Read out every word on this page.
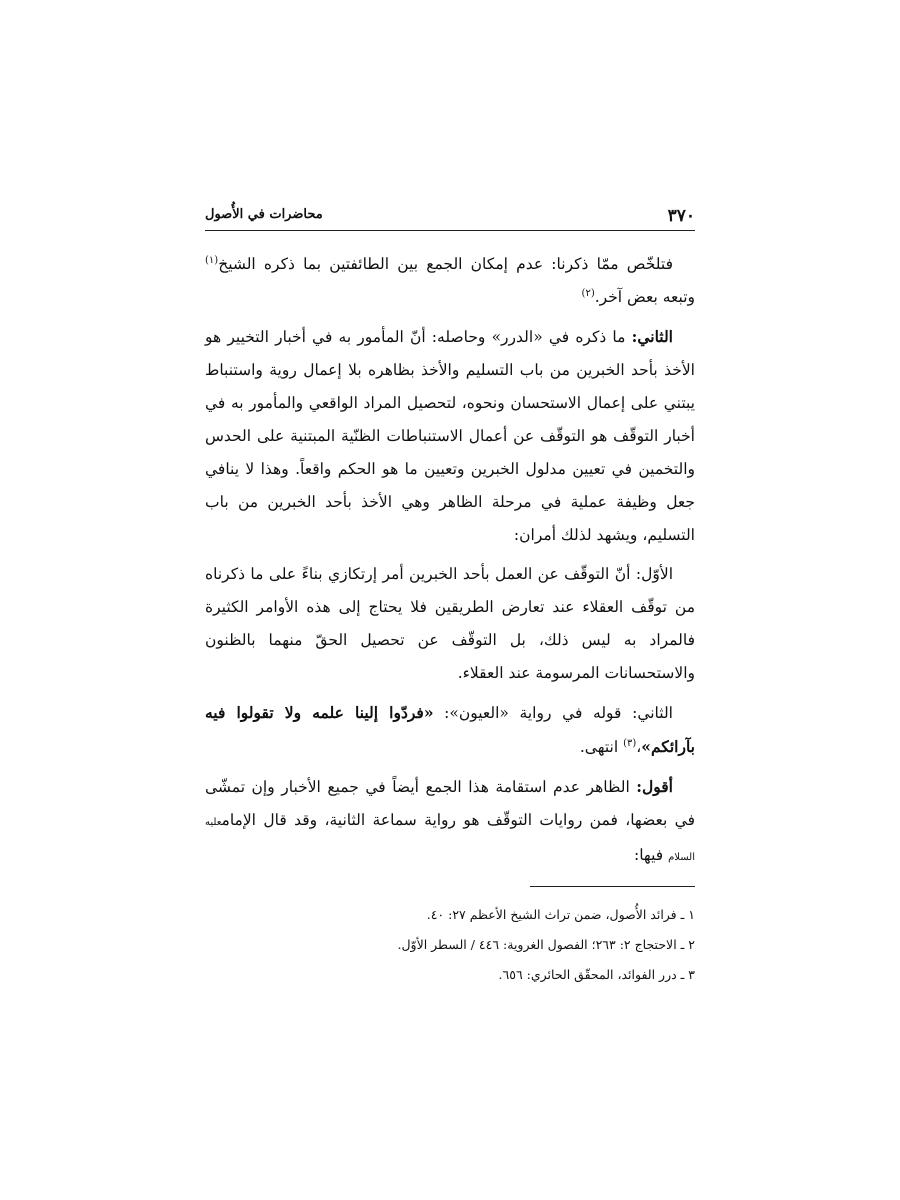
٣٧٠
محاضرات في الأُصول

فتلخّص ممّا ذكرنا: عدم إمكان الجمع بين الطائفتين بما ذكره الشيخ$^{(١)}$ وتبعه بعض آخر.$^{(٢)}$

الثاني: ما ذكره في «الدرر» وحاصله: أنّ المأمور به في أخبار التخيير هو الأخذ بأحد الخبرين من باب التسليم والأخذ بظاهره بلا إعمال روية واستنباط يبتني على إعمال الاستحسان ونحوه، لتحصيل المراد الواقعي والمأمور به في أخبار التوقّف هو التوقّف عن أعمال الاستنباطات الظنّية المبتنية على الحدس والتخمين في تعيين مدلول الخبرين وتعيين ما هو الحكم واقعاً. وهذا لا ينافي جعل وظيفة عملية في مرحلة الظاهر وهي الأخذ بأحد الخبرين من باب التسليم، ويشهد لذلك أمران:

الأوّل: أنّ التوقّف عن العمل بأحد الخبرين أمر إرتكازي بناءً على ما ذكرناه من توقّف العقلاء عند تعارض الطريقين فلا يحتاج إلى هذه الأوامر الكثيرة فالمراد به ليس ذلك، بل التوقّف عن تحصيل الحقّ منهما بالظنون والاستحسانات المرسومة عند العقلاء.

الثاني: قوله في رواية «العيون»: «فردّوا إلينا علمه ولا تقولوا فيه بآرائكم»،$^{(٣)}$ انتهى.

أقول: الظاهر عدم استقامة هذا الجمع أيضاً في جميع الأخبار وإن تمشّى في بعضها، فمن روايات التوقّف هو رواية سماعة الثانية، وقد قال الإمامعليه السلام فيها:

١ ـ فرائد الأُصول، ضمن تراث الشيخ الأعظم ٢٧: ٤٠.

٢ ـ الاحتجاج ٢: ٢٦٣؛ الفصول الغروية: ٤٤٦ / السطر الأوّل.

٣ ـ درر الفوائد، المحقّق الحائري: ٦٥٦.
